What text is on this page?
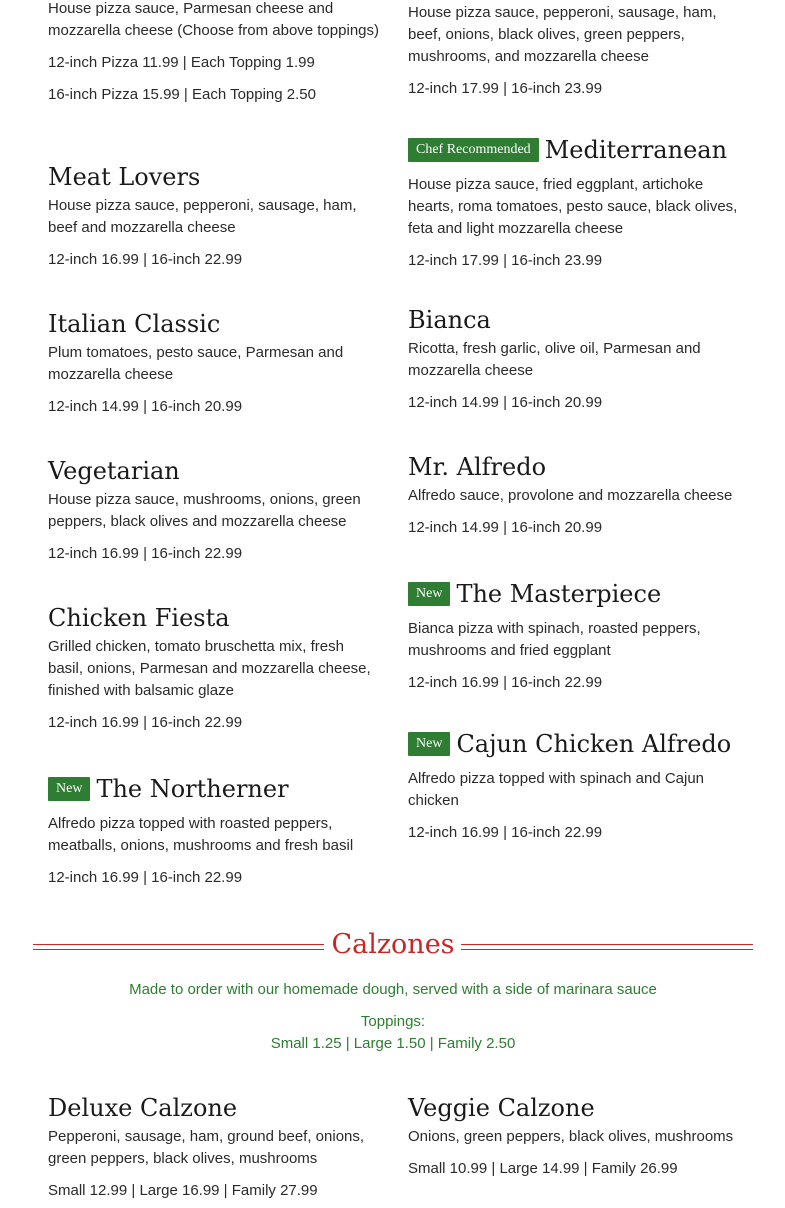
House pizza sauce, Parmesan cheese and mozzarella cheese (Choose from above toppings)

12-inch Pizza 11.99 | Each Topping 1.99

16-inch Pizza 15.99 | Each Topping 2.50

Meat Lovers

House pizza sauce, pepperoni, sausage, ham, beef and mozzarella cheese

12-inch 16.99 | 16-inch 22.99

Italian Classic

Plum tomatoes, pesto sauce, Parmesan and mozzarella cheese

12-inch 14.99 | 16-inch 20.99

Vegetarian

House pizza sauce, mushrooms, onions, green peppers, black olives and mozzarella cheese

12-inch 16.99 | 16-inch 22.99

Chicken Fiesta

Grilled chicken, tomato bruschetta mix, fresh basil, onions, Parmesan and mozzarella cheese, finished with balsamic glaze

12-inch 16.99 | 16-inch 22.99

New The Northerner

Alfredo pizza topped with roasted peppers, meatballs, onions, mushrooms and fresh basil

12-inch 16.99 | 16-inch 22.99

House pizza sauce, pepperoni, sausage, ham, beef, onions, black olives, green peppers, mushrooms, and mozzarella cheese

12-inch 17.99 | 16-inch 23.99

Chef Recommended Mediterranean

House pizza sauce, fried eggplant, artichoke hearts, roma tomatoes, pesto sauce, black olives, feta and light mozzarella cheese

12-inch 17.99 | 16-inch 23.99

Bianca

Ricotta, fresh garlic, olive oil, Parmesan and mozzarella cheese

12-inch 14.99 | 16-inch 20.99

Mr. Alfredo

Alfredo sauce, provolone and mozzarella cheese

12-inch 14.99 | 16-inch 20.99

New The Masterpiece

Bianca pizza with spinach, roasted peppers, mushrooms and fried eggplant

12-inch 16.99 | 16-inch 22.99

New Cajun Chicken Alfredo

Alfredo pizza topped with spinach and Cajun chicken

12-inch 16.99 | 16-inch 22.99

Calzones
Made to order with our homemade dough, served with a side of marinara sauce
Toppings:
Small 1.25 | Large 1.50 | Family 2.50
Deluxe Calzone

Pepperoni, sausage, ham, ground beef, onions, green peppers, black olives, mushrooms

Small 12.99 | Large 16.99 | Family 27.99

Veggie Calzone

Onions, green peppers, black olives, mushrooms

Small 10.99 | Large 14.99 | Family 26.99
